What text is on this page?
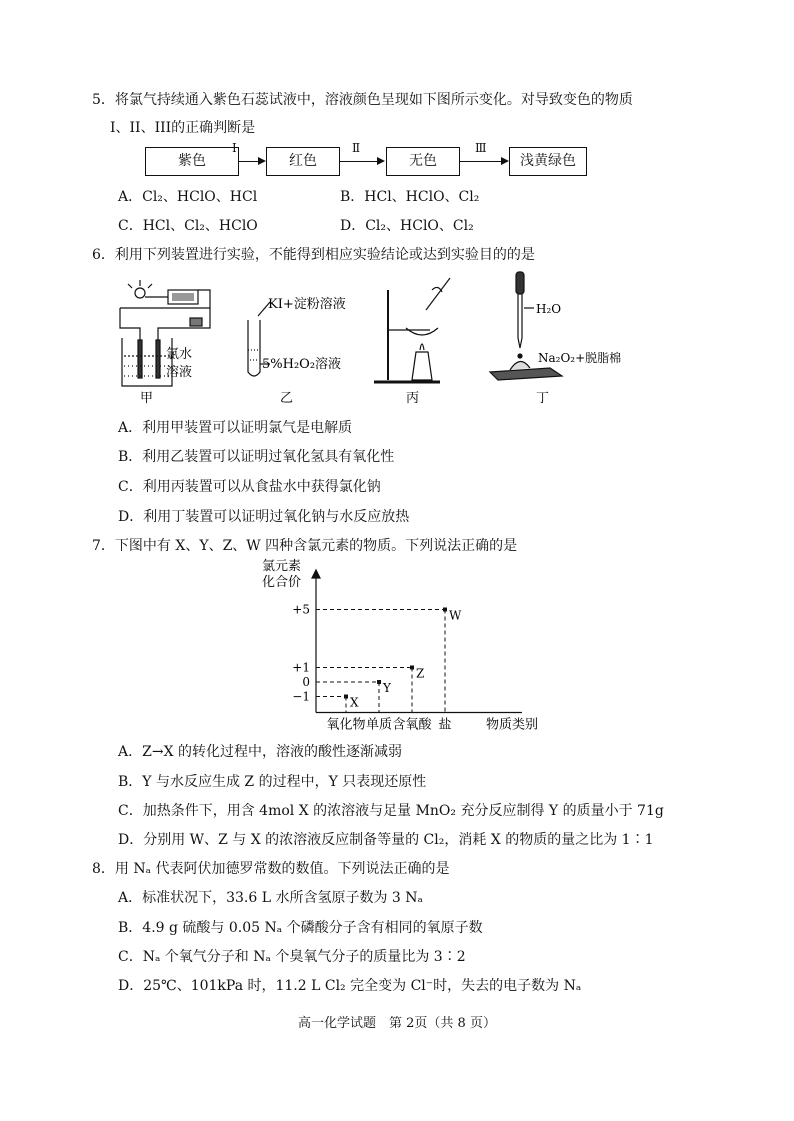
5．将氯气持续通入紫色石蕊试液中，溶液颜色呈现如下图所示变化。对导致变色的物质
I、II、III的正确判断是
紫色
Ⅰ
红色
Ⅱ
无色
Ⅲ
浅黄绿色
A．Cl₂、HClO、HCl	B．HCl、HClO、Cl₂
C．HCl、Cl₂、HClO	D．Cl₂、HClO、Cl₂
6．利用下列装置进行实验，不能得到相应实验结论或达到实验目的的是
氯水
溶液
甲
KI+淀粉溶液
5%H₂O₂溶液
乙	丙
H₂O
Na₂O₂+脱脂棉
丁
A．利用甲装置可以证明氯气是电解质
B．利用乙装置可以证明过氧化氢具有氧化性
C．利用丙装置可以从食盐水中获得氯化钠
D．利用丁装置可以证明过氧化钠与水反应放热
7．下图中有 X、Y、Z、W 四种含氯元素的物质。下列说法正确的是
氯元素
化合价
+5
+1
0
−1
氧化物 单质 含氧酸 盐
X
Y
Z
W
物质类别
A．Z→X 的转化过程中，溶液的酸性逐渐减弱
B．Y 与水反应生成 Z 的过程中，Y 只表现还原性
C．加热条件下，用含 4mol X 的浓溶液与足量 MnO₂ 充分反应制得 Y 的质量小于 71g
D．分别用 W、Z 与 X 的浓溶液反应制备等量的 Cl₂，消耗 X 的物质的量之比为 1∶1
8．用 Nₐ 代表阿伏加德罗常数的数值。下列说法正确的是
A．标准状况下，33.6 L 水所含氢原子数为 3 Nₐ
B．4.9 g 硫酸与 0.05 Nₐ 个磷酸分子含有相同的氧原子数
C．Nₐ 个氧气分子和 Nₐ 个臭氧气分子的质量比为 3∶2
D．25℃、101kPa 时，11.2 L Cl₂ 完全变为 Cl⁻时，失去的电子数为 Nₐ
高一化学试题　第 2页（共 8 页）
